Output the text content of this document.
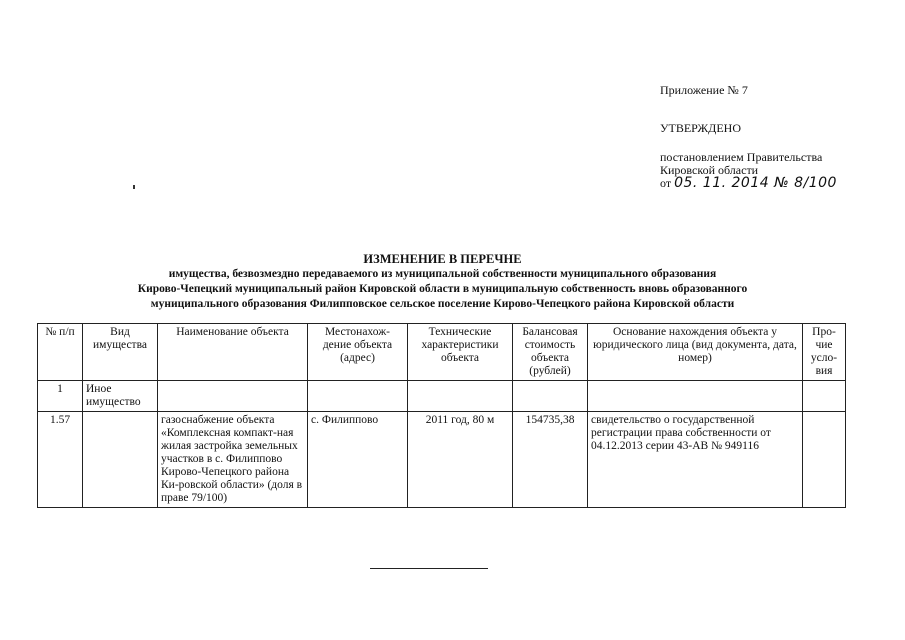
Приложение № 7
УТВЕРЖДЕНО
постановлением Правительства
Кировской области
от 05. 11. 2014 № 8/100
ИЗМЕНЕНИЕ В ПЕРЕЧНЕ
имущества, безвозмездно передаваемого из муниципальной собственности муниципального образования
Кирово-Чепецкий муниципальный район Кировской области в муниципальную собственность вновь образованного
муниципального образования Филипповское сельское поселение Кирово-Чепецкого района Кировской области
№ п/п	Вид имущества	Наименование объекта	Местонахож-дение объекта (адрес)	Технические характеристики объекта	Балансовая стоимость объекта (рублей)	Основание нахождения объекта у юридического лица (вид документа, дата, номер)	Про-чие усло-вия
1	Иное имущество						
1.57		газоснабжение объекта «Комплексная компакт-ная жилая застройка земельных участков в с. Филиппово Кирово-Чепецкого района Ки-ровской области» (доля в праве 79/100)	с. Филиппово	2011 год, 80 м	154735,38	свидетельство о государственной регистрации права собственности от 04.12.2013 серии 43-АВ № 949116	
